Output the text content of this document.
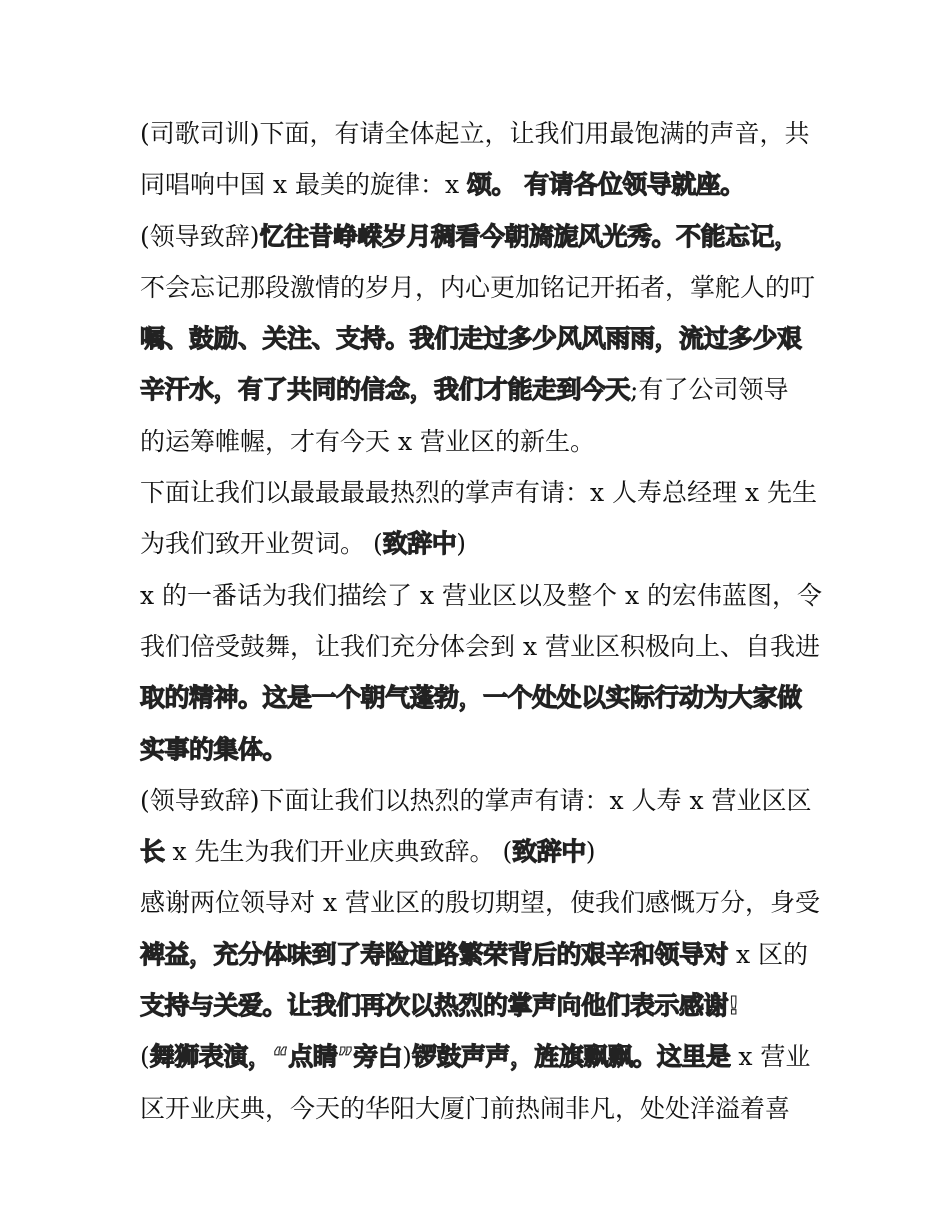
(司歌司训)下面，有请全体起立，让我们用最饱满的声音，共
同唱响中国 x 最美的旋律：x 颂。 有请各位领导就座。
(领导致辞)忆往昔峥嵘岁月稠看今朝旖旎风光秀。不能忘记，
不会忘记那段激情的岁月，内心更加铭记开拓者，掌舵人的叮
嘱、鼓励、关注、支持。我们走过多少风风雨雨，流过多少艰
辛汗水，有了共同的信念，我们才能走到今天;有了公司领导
的运筹帷幄，才有今天 x 营业区的新生。
下面让我们以最最最最热烈的掌声有请：x 人寿总经理 x 先生
为我们致开业贺词。 (致辞中)
x 的一番话为我们描绘了 x 营业区以及整个 x 的宏伟蓝图，令
我们倍受鼓舞，让我们充分体会到 x 营业区积极向上、自我进
取的精神。这是一个朝气蓬勃，一个处处以实际行动为大家做
实事的集体。
(领导致辞)下面让我们以热烈的掌声有请：x 人寿 x 营业区区
长 x 先生为我们开业庆典致辞。 (致辞中)
感谢两位领导对 x 营业区的殷切期望，使我们感慨万分，身受
裨益，充分体味到了寿险道路繁荣背后的艰辛和领导对 x 区的
支持与关爱。让我们再次以热烈的掌声向他们表示感谢!
(舞狮表演，“点睛”旁白)锣鼓声声，旌旗飘飘。这里是 x 营业
区开业庆典，今天的华阳大厦门前热闹非凡，处处洋溢着喜
